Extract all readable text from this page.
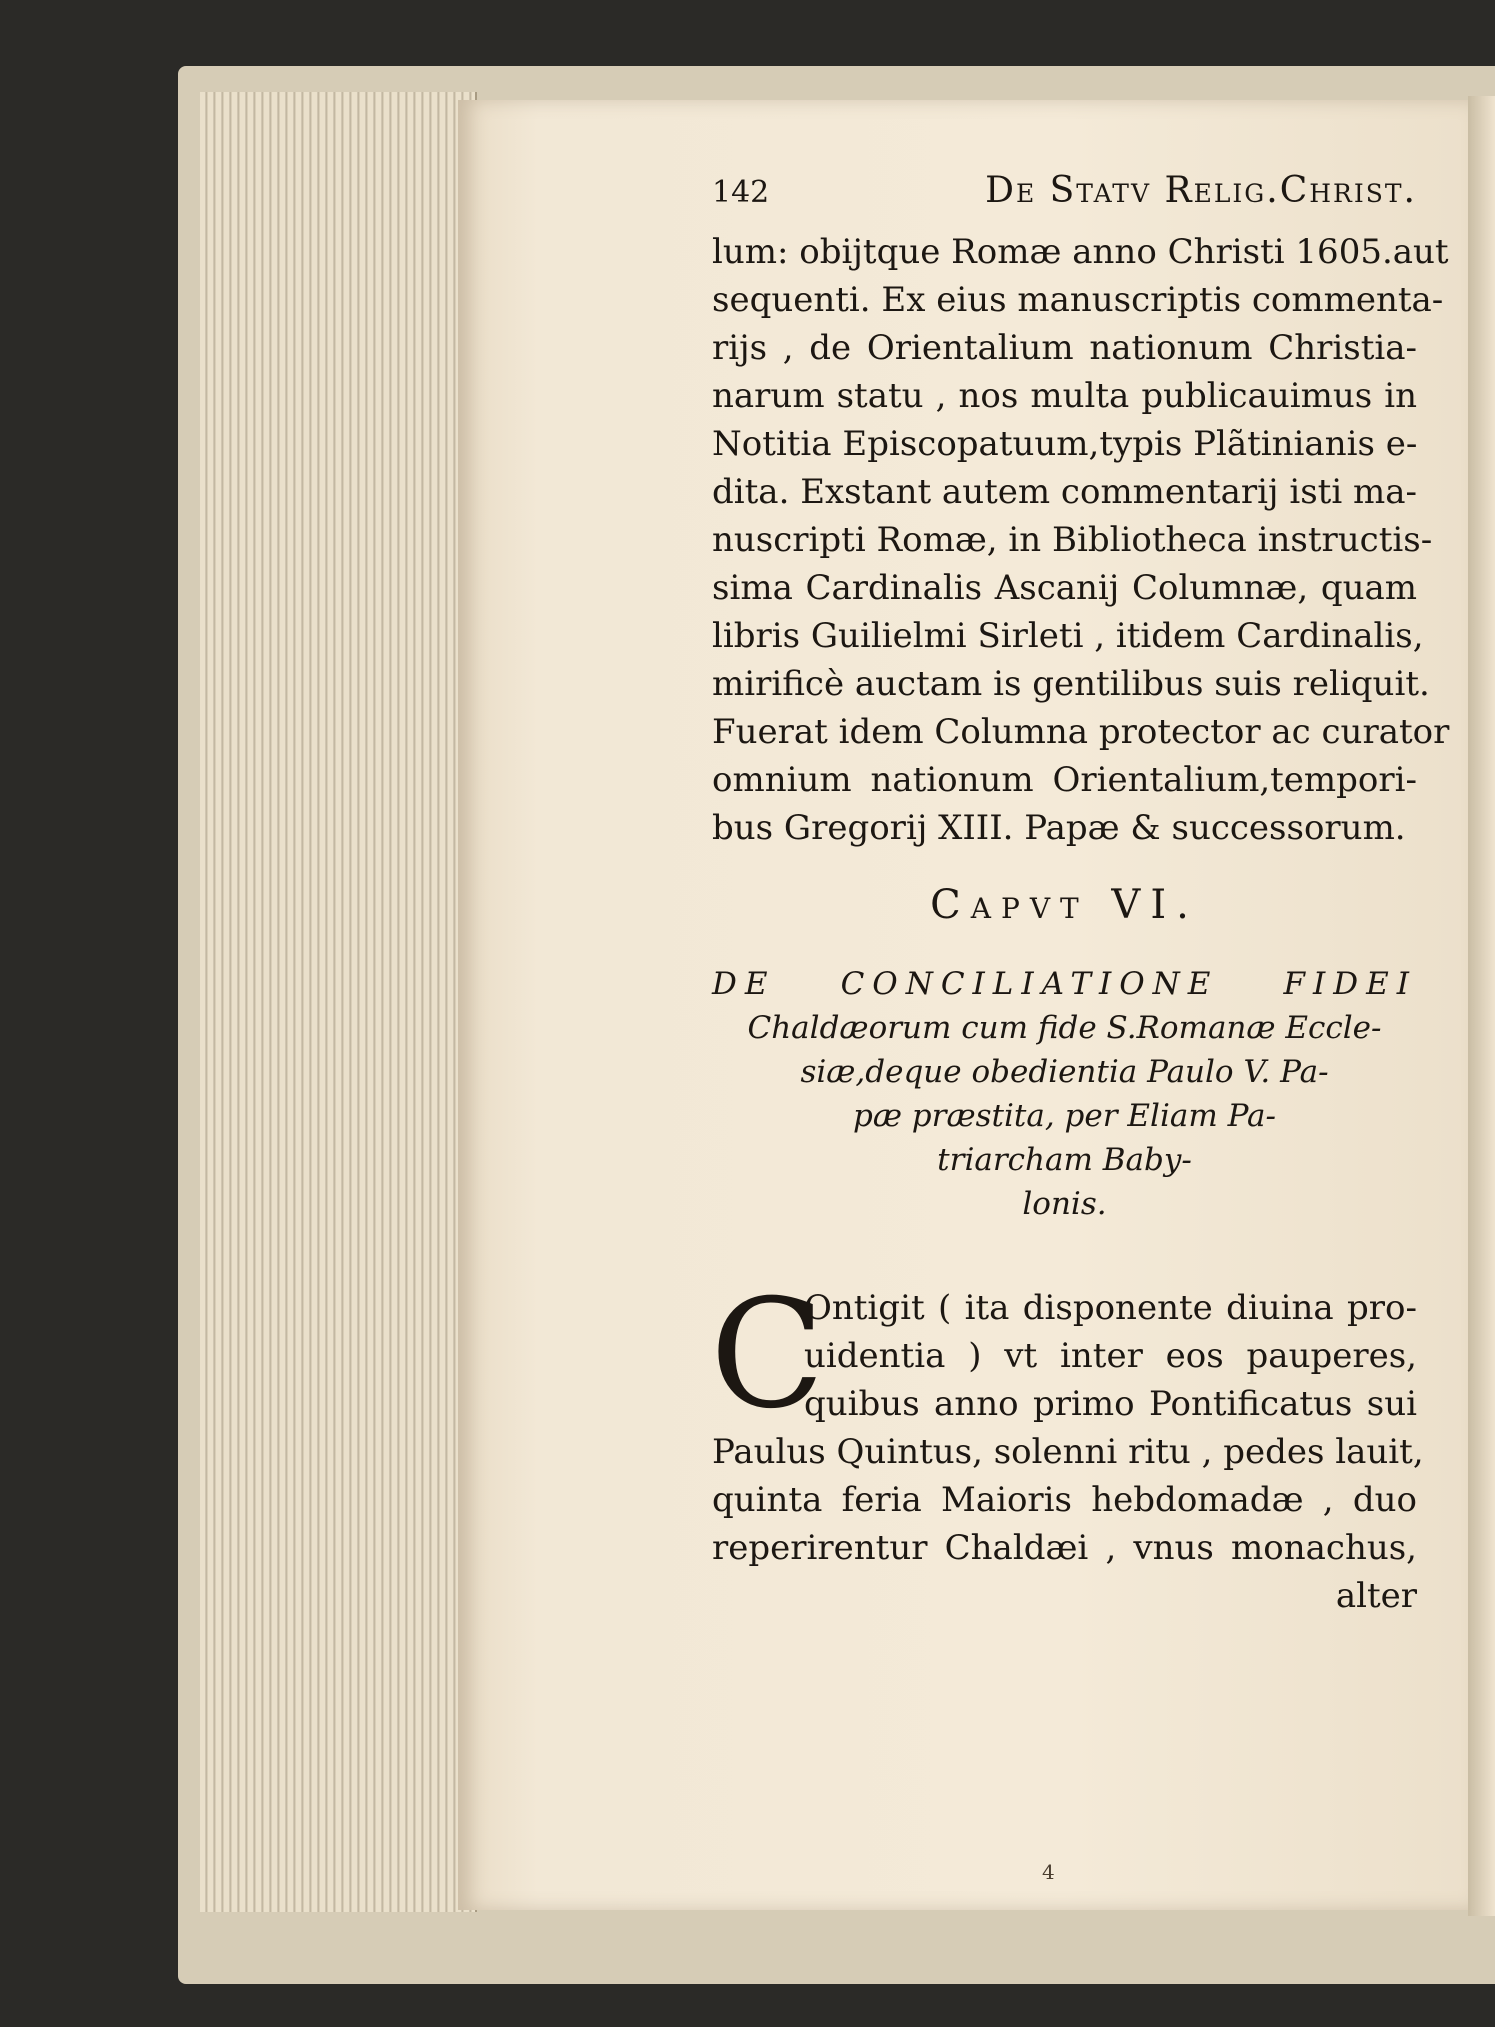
142	De Statv Relig.Christ.
lum: obijtque Romæ anno Christi 1605.aut
sequenti. Ex eius manuscriptis commenta-
rijs , de Orientalium nationum Christia-
narum statu , nos multa publicauimus in
Notitia Episcopatuum,typis Plãtinianis e-
dita. Exstant autem commentarij isti ma-
nuscripti Romæ, in Bibliotheca instructis-
sima Cardinalis Ascanij Columnæ, quam
libris Guilielmi Sirleti , itidem Cardinalis,
mirificè auctam is gentilibus suis reliquit.
Fuerat idem Columna protector ac curator
omnium nationum Orientalium,tempori-
bus Gregorij XIII. Papæ & successorum.
Capvt VI.
DE CONCILIATIONE FIDEI
Chaldæorum cum fide S.Romanæ Eccle-
siæ,deque obedientia Paulo V. Pa-
pæ præstita, per Eliam Pa-
triarcham Baby-
lonis.
C
Ontigit ( ita disponente diuina pro-
uidentia ) vt inter eos pauperes,
quibus anno primo Pontificatus sui
Paulus Quintus, solenni ritu , pedes lauit,
quinta feria Maioris hebdomadæ , duo
reperirentur Chaldæi , vnus monachus,
alter
4
